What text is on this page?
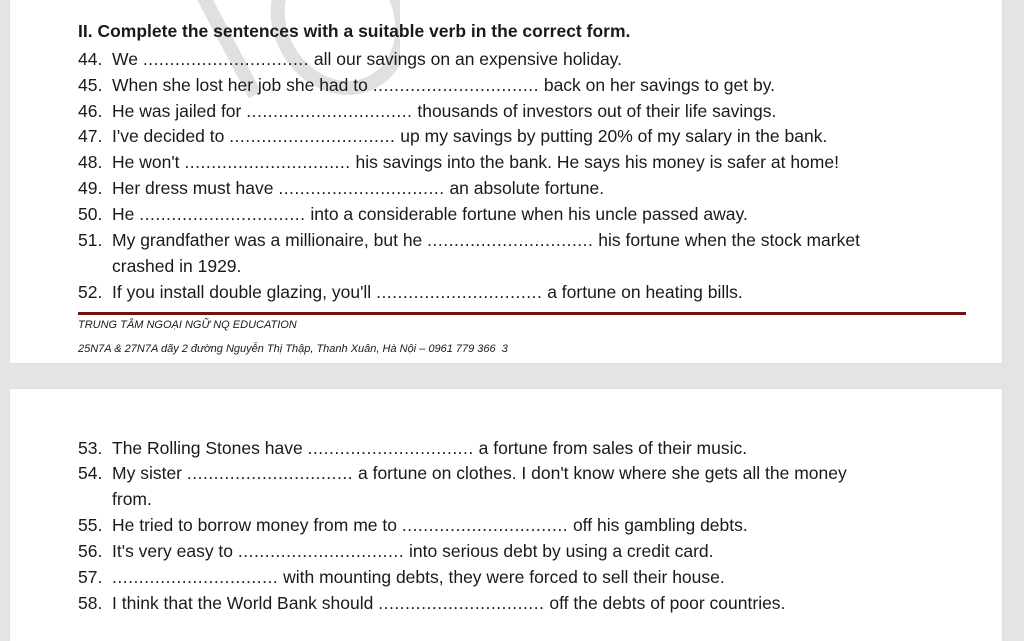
II. Complete the sentences with a suitable verb in the correct form.
44. We ............................... all our savings on an expensive holiday.
45. When she lost her job she had to ............................... back on her savings to get by.
46. He was jailed for ............................... thousands of investors out of their life savings.
47. I've decided to ............................... up my savings by putting 20% of my salary in the bank.
48. He won't ............................... his savings into the bank. He says his money is safer at home!
49. Her dress must have ............................... an absolute fortune.
50. He ............................... into a considerable fortune when his uncle passed away.
51. My grandfather was a millionaire, but he ............................... his fortune when the stock market
crashed in 1929.
52. If you install double glazing, you'll ............................... a fortune on heating bills.
TRUNG TÂM NGOẠI NGỮ NQ EDUCATION
25N7A & 27N7A dãy 2 đường Nguyễn Thị Thập, Thanh Xuân, Hà Nội – 0961 779 366 3
53. The Rolling Stones have ............................... a fortune from sales of their music.
54. My sister ............................... a fortune on clothes. I don't know where she gets all the money
from.
55. He tried to borrow money from me to ............................... off his gambling debts.
56. It's very easy to ............................... into serious debt by using a credit card.
57. ............................... with mounting debts, they were forced to sell their house.
58. I think that the World Bank should ............................... off the debts of poor countries.
